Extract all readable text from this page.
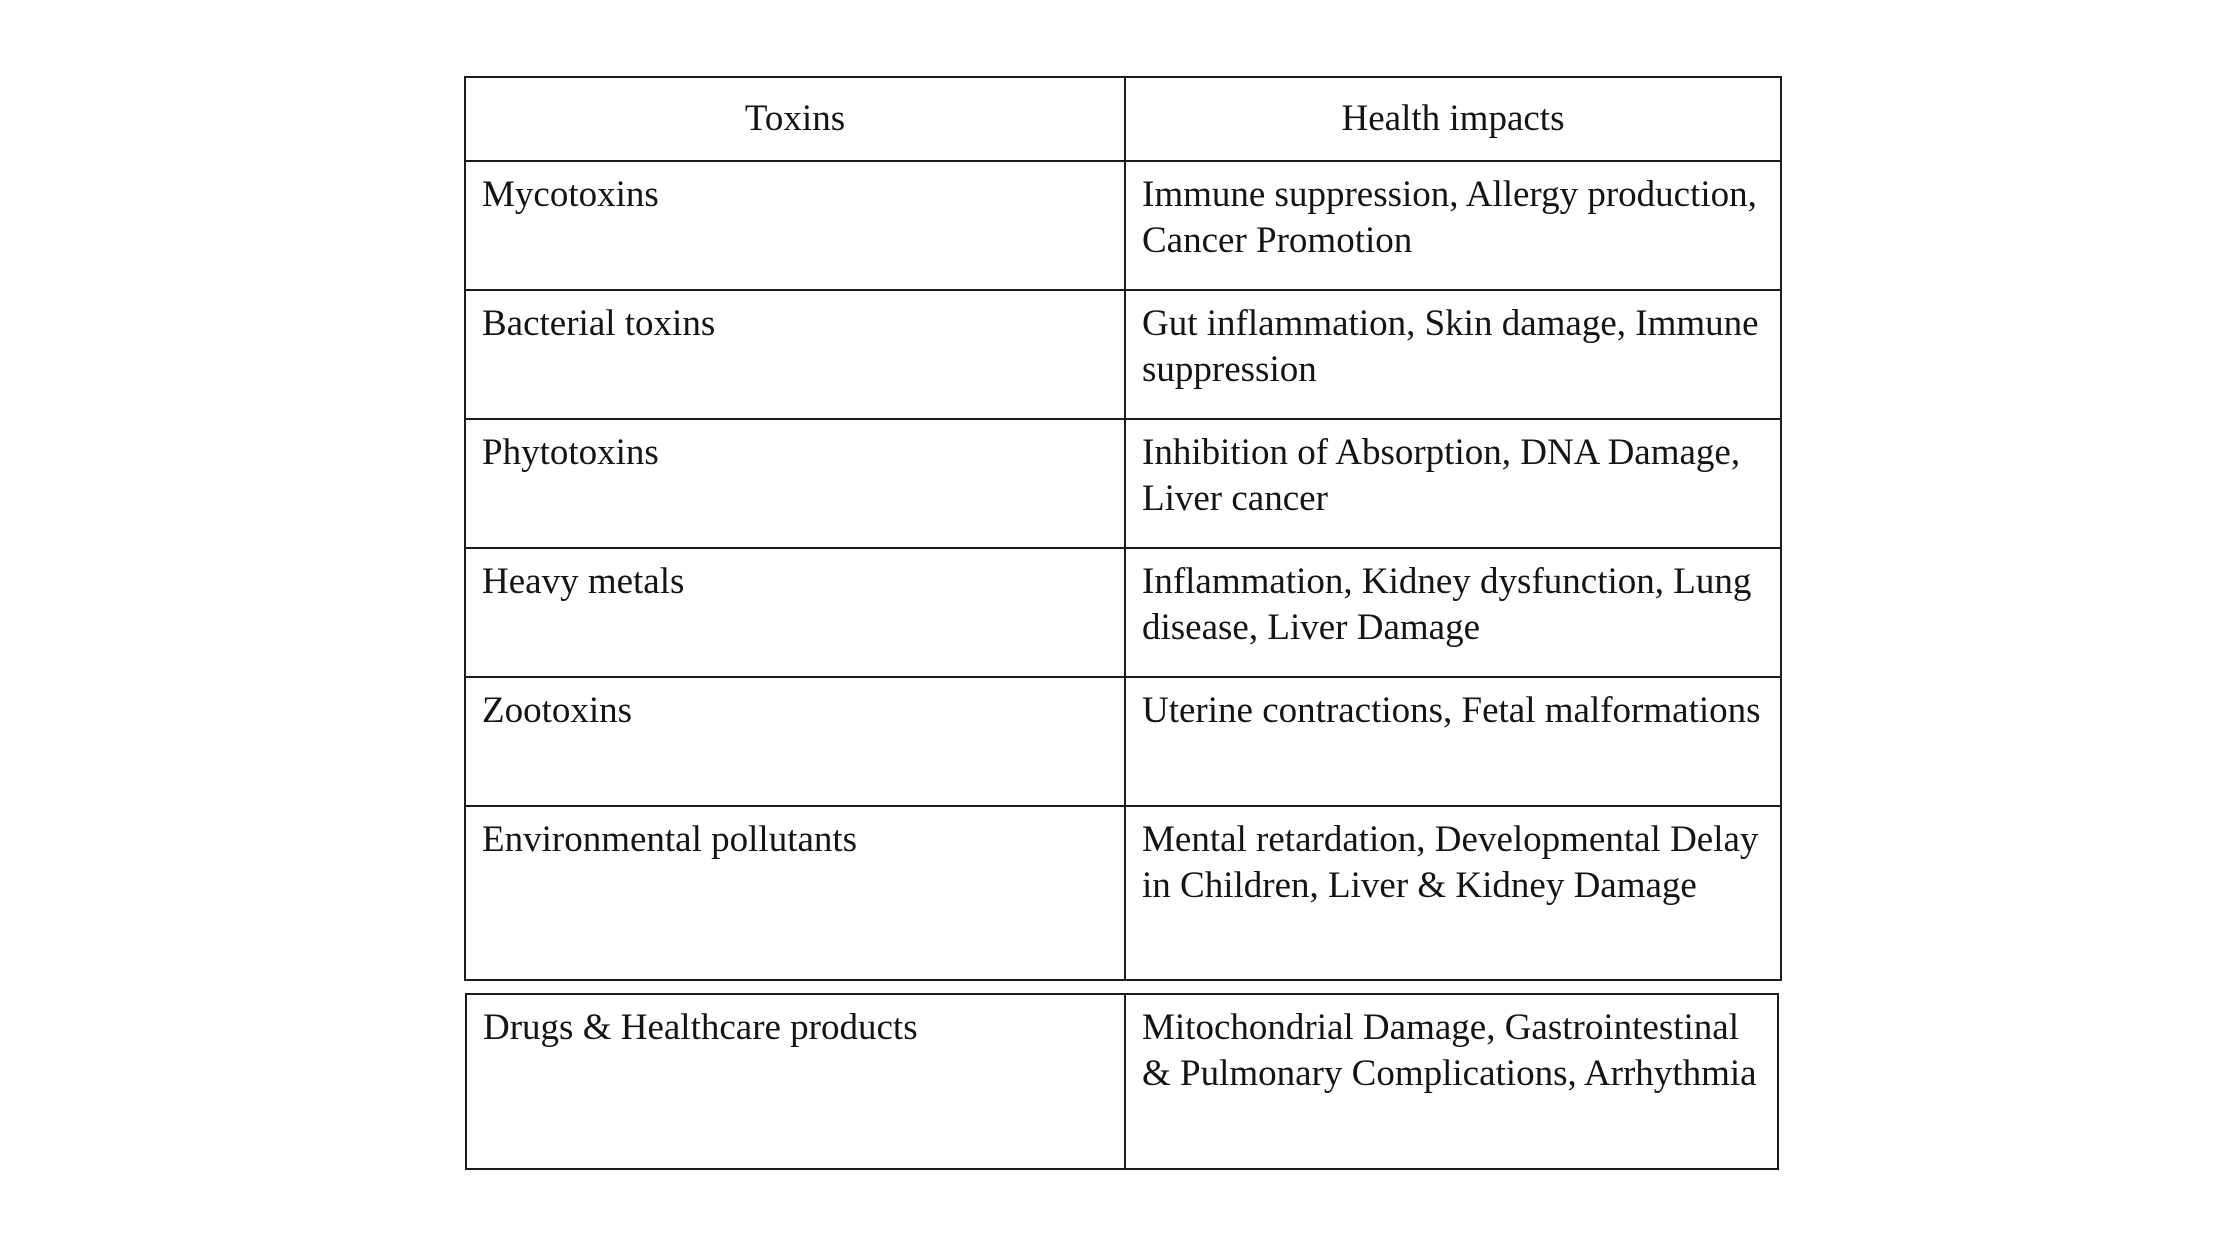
Toxins	Health impacts

Mycotoxins	Immune suppression, Allergy production, Cancer Promotion

Bacterial toxins	Gut inflammation, Skin damage, Immune suppression

Phytotoxins	Inhibition of Absorption, DNA Damage, Liver cancer

Heavy metals	Inflammation, Kidney dysfunction, Lung disease, Liver Damage

Zootoxins	Uterine contractions, Fetal malformations

Environmental pollutants	Mental retardation, Developmental Delay in Children, Liver & Kidney Damage
Drugs & Healthcare products	Mitochondrial Damage, Gastrointestinal & Pulmonary Complications, Arrhythmia
